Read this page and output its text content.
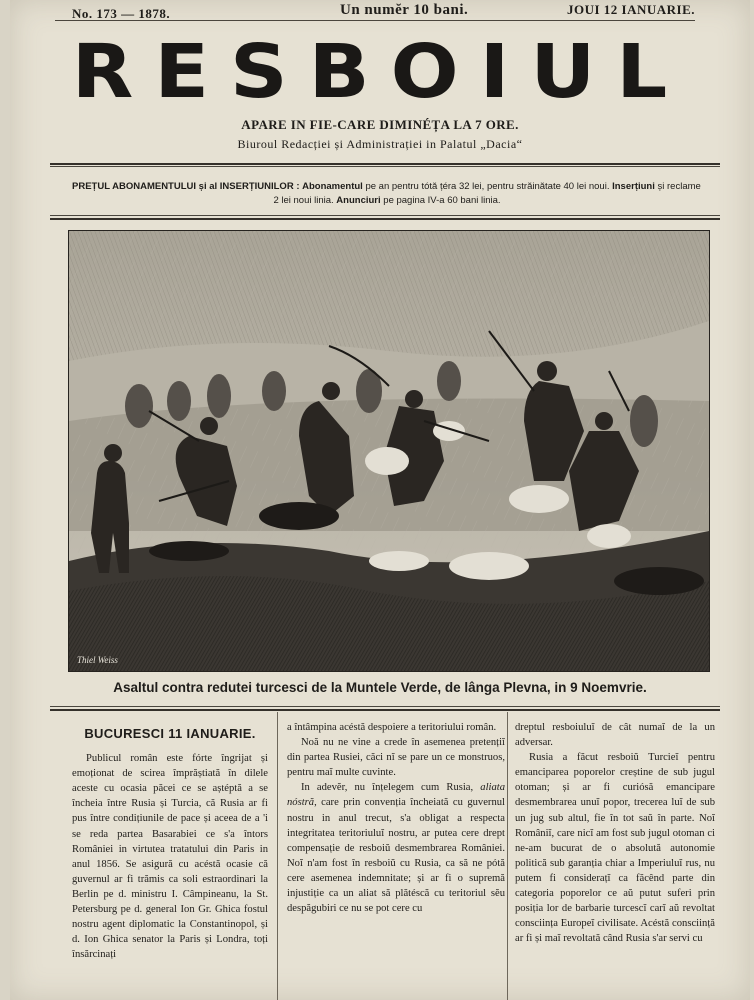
No. 173 — 1878.	Un numĕr 10 bani.	JOUI 12 IANUARIE.
RESBOIUL
APARE IN FIE-CARE DIMINÉȚA LA 7 ORE.
Biuroul Redacției și Administrației in Palatul „Dacia“
PREȚUL ABONAMENTULUI și al INSERȚIUNILOR : Abonamentul pe an pentru tótă țéra 32 lei, pentru străinătate 40 lei noui. Inserțiuni și reclame
2 lei noui linia. Anunciuri pe pagina IV-a 60 bani linia.
Thiel Weiss
Asaltul contra redutei turcesci de la Muntele Verde, de lânga Plevna, in 9 Noemvrie.
BUCURESCI 11 IANUARIE.

Publicul român este fórte îngrijat și emoționat de scirea împrăștiată în dilele aceste cu ocasia păcei ce se aștéptă a se încheia între Rusia și Turcia, că Rusia ar fi pus între condițiunile de pace și aceea de a 'i se reda partea Basarabiei ce s'a întors României in virtutea tratatului din Paris in anul 1856. Se asigură cu acéstă ocasie că guvernul ar fi trămis ca soli estraordinari la Berlin pe d. ministru I. Câmpineanu, la St. Petersburg pe d. general Ion Gr. Ghica fostul nostru agent diplomatic la Constantinopol, și d. Ion Ghica senator la Paris și Londra, toți însărcinați

a întâmpina acéstă despoiere a teritoriului român.

Noă nu ne vine a crede în asemenea pretențiĭ din partea Rusiei, căci nĭ se pare un ce monstruos, pentru maĭ multe cuvinte.

In adevĕr, nu înțelegem cum Rusia, aliata nóstră, care prin convenția încheiată cu guvernul nostru in anul trecut, s'a obligat a respecta integritatea teritoriuluĭ nostru, ar putea cere drept compensație de resboiŭ desmembrarea României. Noĭ n'am fost în resboiŭ cu Rusia, ca să ne pótă cere asemenea indemnitate; și ar fi o supremă injustiție ca un aliat să plătéscă cu teritoriul sĕu despăgubiri ce nu se pot cere cu

dreptul resboiuluĭ de cât numaĭ de la un adversar.

Rusia a făcut resboiŭ Turcieĭ pentru emanciparea poporelor creștine de sub jugul otoman; și ar fi curiósă emancipare desmembrarea unuĭ popor, trecerea luĭ de sub un jug sub altul, fie în tot saŭ în parte. Noĭ Româniĭ, care nicĭ am fost sub jugul otoman ci ne-am bucurat de o absolută autonomie politică sub garanția chiar a Imperiuluĭ rus, nu putem fi considerațĭ ca făcênd parte din categoria poporelor ce aŭ putut suferi prin posiția lor de barbarie turcescĭ carĭ aŭ revoltat consciința Europeĭ civilisate. Acéstă consciință ar fi și maĭ revoltată când Rusia s'ar servi cu
